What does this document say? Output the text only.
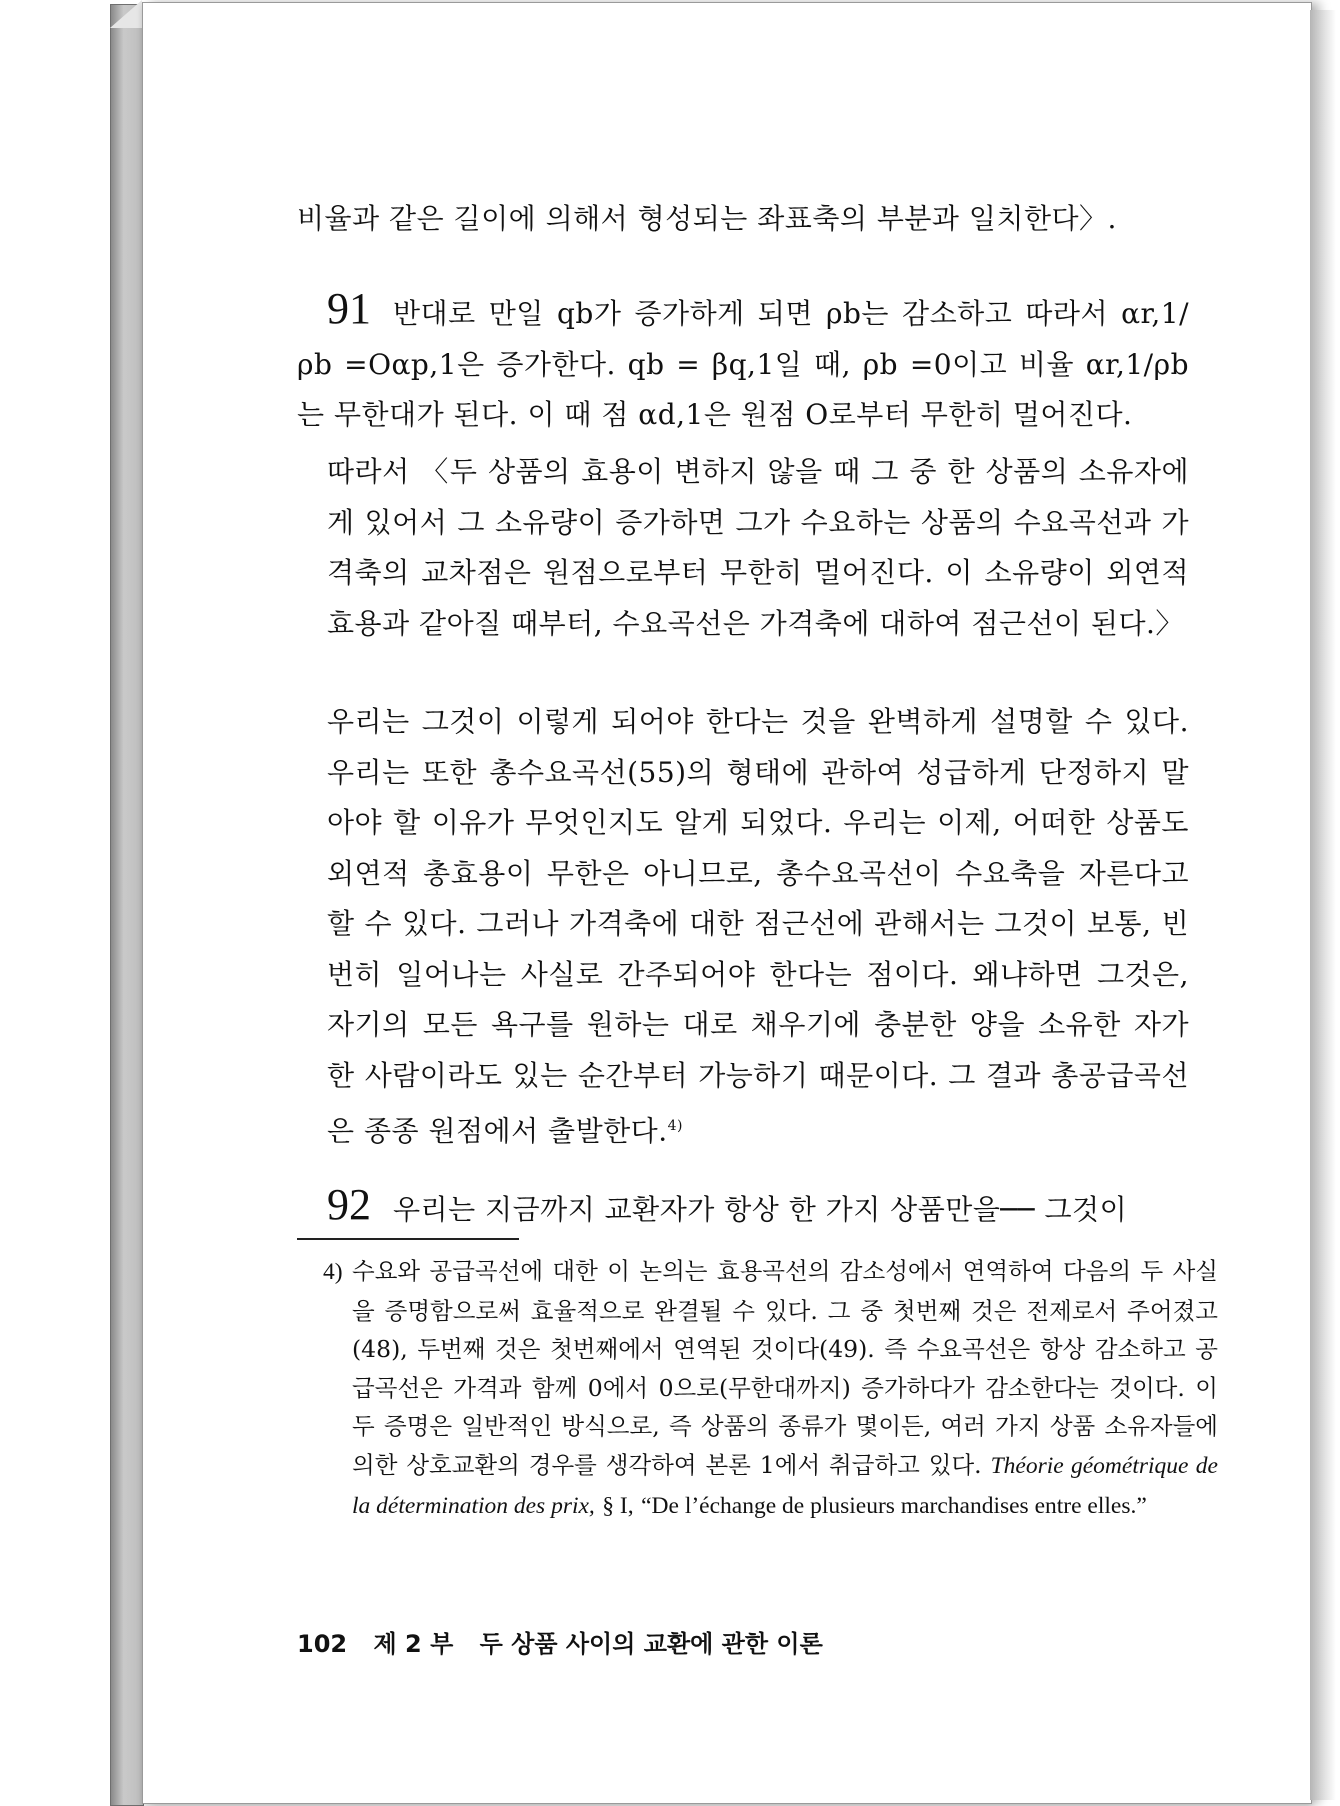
비율과 같은 길이에 의해서 형성되는 좌표축의 부분과 일치한다〉.

91 반대로 만일 qb가 증가하게 되면 ρb는 감소하고 따라서 αr,1/ρb =Oαp,1은 증가한다. qb = βq,1일 때, ρb =0이고 비율 αr,1/ρb는 무한대가 된다. 이 때 점 αd,1은 원점 O로부터 무한히 멀어진다.

따라서 〈두 상품의 효용이 변하지 않을 때 그 중 한 상품의 소유자에게 있어서 그 소유량이 증가하면 그가 수요하는 상품의 수요곡선과 가격축의 교차점은 원점으로부터 무한히 멀어진다. 이 소유량이 외연적 효용과 같아질 때부터, 수요곡선은 가격축에 대하여 점근선이 된다.〉

우리는 그것이 이렇게 되어야 한다는 것을 완벽하게 설명할 수 있다. 우리는 또한 총수요곡선(55)의 형태에 관하여 성급하게 단정하지 말아야 할 이유가 무엇인지도 알게 되었다. 우리는 이제, 어떠한 상품도 외연적 총효용이 무한은 아니므로, 총수요곡선이 수요축을 자른다고 할 수 있다. 그러나 가격축에 대한 점근선에 관해서는 그것이 보통, 빈번히 일어나는 사실로 간주되어야 한다는 점이다. 왜냐하면 그것은, 자기의 모든 욕구를 원하는 대로 채우기에 충분한 양을 소유한 자가 한 사람이라도 있는 순간부터 가능하기 때문이다. 그 결과 총공급곡선은 종종 원점에서 출발한다.$^{4)}$

92 우리는 지금까지 교환자가 항상 한 가지 상품만을── 그것이

4) 수요와 공급곡선에 대한 이 논의는 효용곡선의 감소성에서 연역하여 다음의 두 사실을 증명함으로써 효율적으로 완결될 수 있다. 그 중 첫번째 것은 전제로서 주어졌고(48), 두번째 것은 첫번째에서 연역된 것이다(49). 즉 수요곡선은 항상 감소하고 공급곡선은 가격과 함께 0에서 0으로(무한대까지) 증가하다가 감소한다는 것이다. 이 두 증명은 일반적인 방식으로, 즉 상품의 종류가 몇이든, 여러 가지 상품 소유자들에 의한 상호교환의 경우를 생각하여 본론 1에서 취급하고 있다. Théorie géométrique de la détermination des prix, § I, “De l’échange de plusieurs marchandises entre elles.”

102 제 2 부 두 상품 사이의 교환에 관한 이론
